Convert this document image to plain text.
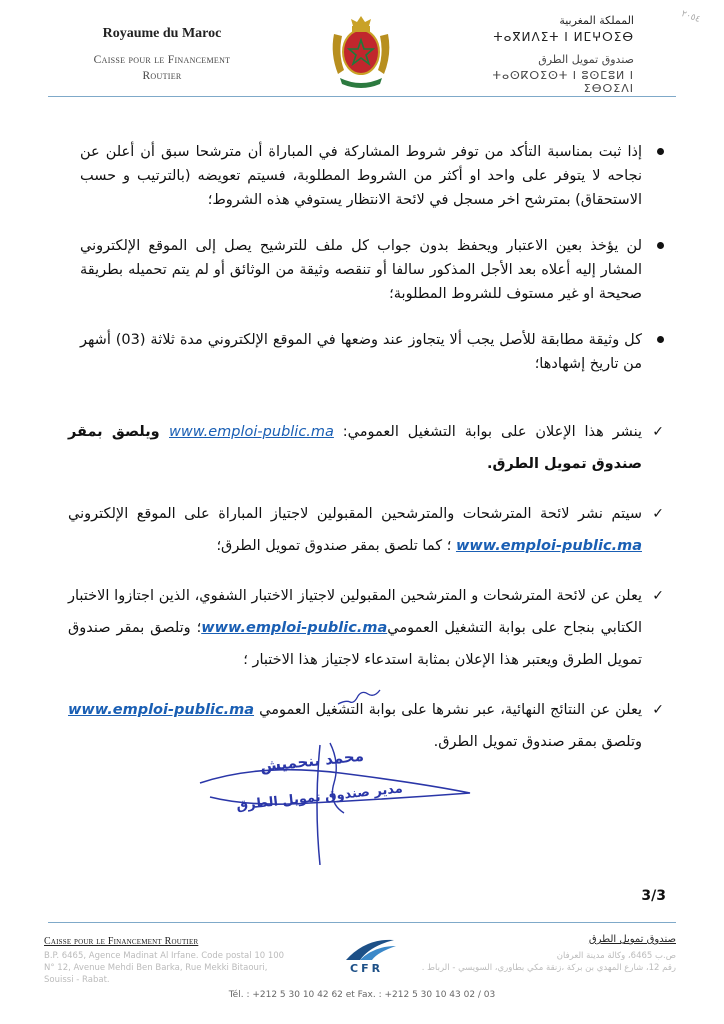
Royaume du Maroc
Caisse pour le Financement
Routier
المملكة المغربية
ⵜⴰⴳⵍⴷⵉⵜ ⵏ ⵍⵎⵖⵔⵉⴱ
صندوق تمويل الطرق
ⵜⴰⵙⴽⵔⵉⵙⵜ ⵏ ⵓⵙⵎⵓⵍ ⵏ ⵉⴱⵔⵉⴷⵏ
٢٠٥٤
إذا ثبت بمناسبة التأكد من توفر شروط المشاركة في المباراة أن مترشحا سبق أن أعلن عن نجاحه لا يتوفر على واحد او أكثر من الشروط المطلوبة، فسيتم تعويضه (بالترتيب و حسب الاستحقاق) بمترشح اخر مسجل في لائحة الانتظار يستوفي هذه الشروط؛
لن يؤخذ بعين الاعتبار ويحفظ بدون جواب كل ملف للترشيح يصل إلى الموقع الإلكتروني المشار إليه أعلاه بعد الأجل المذكور سالفا أو تنقصه وثيقة من الوثائق أو لم يتم تحميله بطريقة صحيحة او غير مستوف للشروط المطلوبة؛
كل وثيقة مطابقة للأصل يجب ألا يتجاوز عند وضعها في الموقع الإلكتروني مدة ثلاثة (03) أشهر من تاريخ إشهادها؛
✓
ينشر هذا الإعلان على بوابة التشغيل العمومي: www.emploi-public.ma ويلصق بمقر صندوق تمويل الطرق.
✓
سيتم نشر لائحة المترشحات والمترشحين المقبولين لاجتياز المباراة على الموقع الإلكتروني www.emploi-public.ma ؛ كما تلصق بمقر صندوق تمويل الطرق؛
✓
يعلن عن لائحة المترشحات و المترشحين المقبولين لاجتياز الاختبار الشفوي، الذين اجتازوا الاختبار الكتابي بنجاح على بوابة التشغيل العموميwww.emploi-public.ma؛ وتلصق بمقر صندوق تمويل الطرق ويعتبر هذا الإعلان بمثابة استدعاء لاجتياز هذا الاختبار ؛
✓
يعلن عن النتائج النهائية، عبر نشرها على بوابة التشغيل العمومي www.emploi-public.ma وتلصق بمقر صندوق تمويل الطرق.
محمد بنحميش
مدير صندوق تمويل الطرق
3/3
Caisse pour le Financement Routier
B.P. 6465, Agence Madinat Al Irfane. Code postal 10 100
N° 12, Avenue Mehdi Ben Barka, Rue Mekki Bitaouri,
Souissi - Rabat.
CFR
صندوق تمويل الطرق
ص.ب 6465، وكالة مدينة العرفان
رقم 12، شارع المهدي بن بركة ،زنقة مكي بطاوري، السويسي - الرباط .
Tél. : +212 5 30 10 42 62 et Fax. : +212 5 30 10 43 02 / 03
